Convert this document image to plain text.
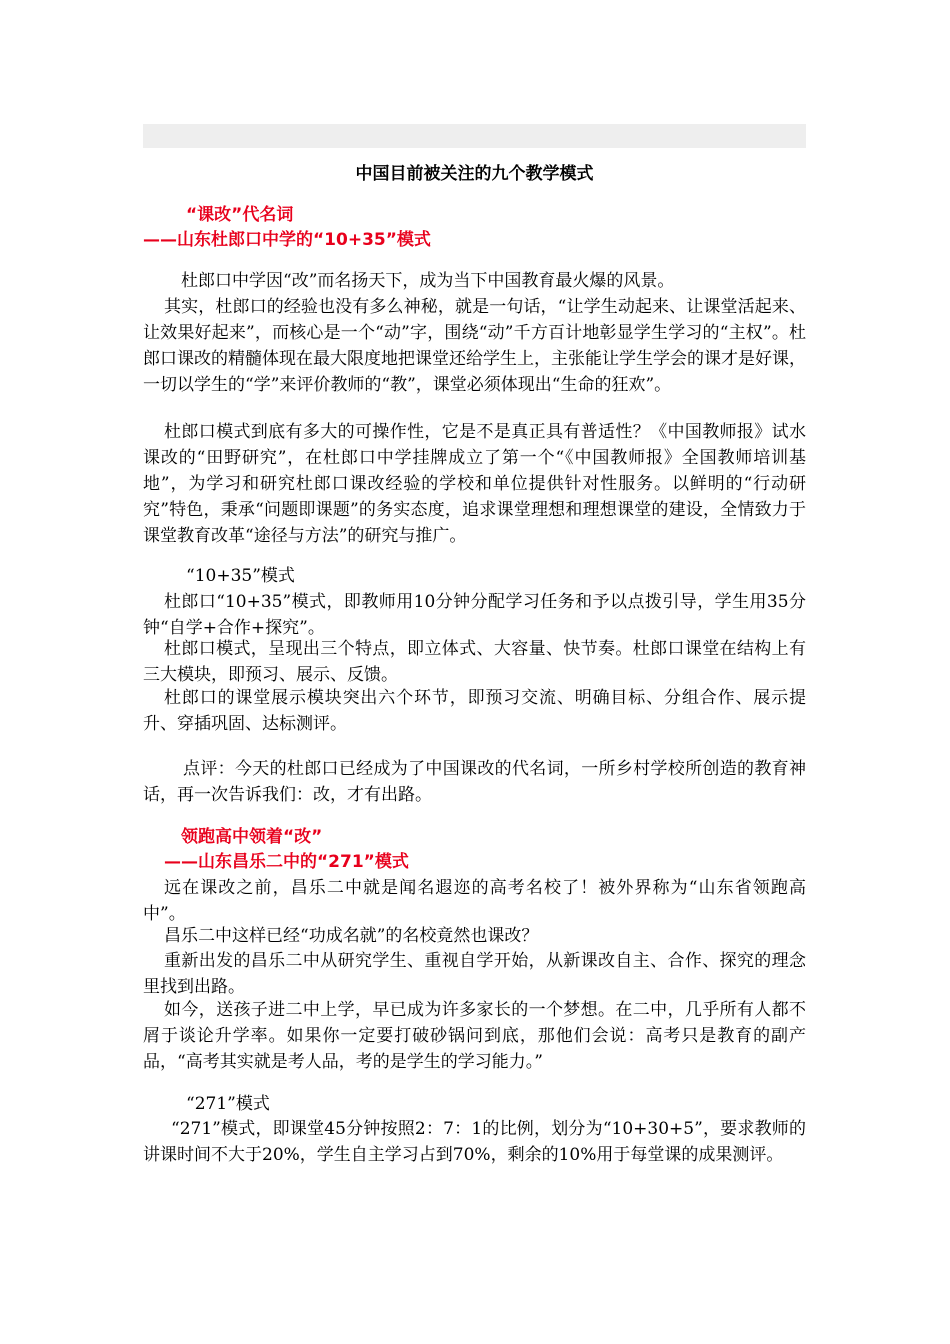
中国目前被关注的九个教学模式
“课改”代名词
——山东杜郎口中学的“10+35”模式

杜郎口中学因“改”而名扬天下，成为当下中国教育最火爆的风景。

其实，杜郎口的经验也没有多么神秘，就是一句话，“让学生动起来、让课堂活起来、让效果好起来”，而核心是一个“动”字，围绕“动”千方百计地彰显学生学习的“主权”。杜郎口课改的精髓体现在最大限度地把课堂还给学生上，主张能让学生学会的课才是好课，一切以学生的“学”来评价教师的“教”，课堂必须体现出“生命的狂欢”。

杜郎口模式到底有多大的可操作性，它是不是真正具有普适性？《中国教师报》试水课改的“田野研究”，在杜郎口中学挂牌成立了第一个“《中国教师报》全国教师培训基地”，为学习和研究杜郎口课改经验的学校和单位提供针对性服务。以鲜明的“行动研究”特色，秉承“问题即课题”的务实态度，追求课堂理想和理想课堂的建设，全情致力于课堂教育改革“途径与方法”的研究与推广。

“10+35”模式

杜郎口“10+35”模式，即教师用10分钟分配学习任务和予以点拨引导，学生用35分钟“自学+合作+探究”。

杜郎口模式，呈现出三个特点，即立体式、大容量、快节奏。杜郎口课堂在结构上有三大模块，即预习、展示、反馈。

杜郎口的课堂展示模块突出六个环节，即预习交流、明确目标、分组合作、展示提升、穿插巩固、达标测评。

点评：今天的杜郎口已经成为了中国课改的代名词，一所乡村学校所创造的教育神话，再一次告诉我们：改，才有出路。

领跑高中领着“改”
——山东昌乐二中的“271”模式

远在课改之前，昌乐二中就是闻名遐迩的高考名校了！被外界称为“山东省领跑高中”。

昌乐二中这样已经“功成名就”的名校竟然也课改？

重新出发的昌乐二中从研究学生、重视自学开始，从新课改自主、合作、探究的理念里找到出路。

如今，送孩子进二中上学，早已成为许多家长的一个梦想。在二中，几乎所有人都不屑于谈论升学率。如果你一定要打破砂锅问到底，那他们会说：高考只是教育的副产品，“高考其实就是考人品，考的是学生的学习能力。”

“271”模式

“271”模式，即课堂45分钟按照2：7：1的比例，划分为“10+30+5”，要求教师的讲课时间不大于20%，学生自主学习占到70%，剩余的10%用于每堂课的成果测评。
